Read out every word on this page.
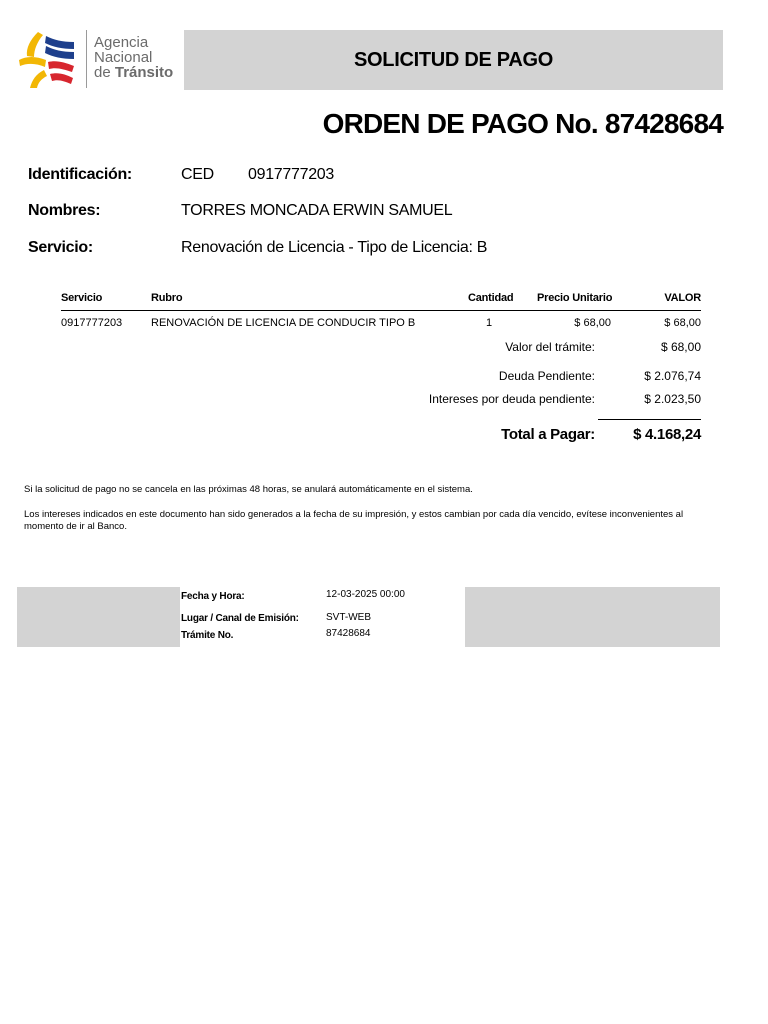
Agencia
Nacional
de Tránsito
SOLICITUD DE PAGO
ORDEN DE PAGO No. 87428684
Identificación:	CED 0917777203
Nombres:	TORRES MONCADA ERWIN SAMUEL
Servicio:	Renovación de Licencia - Tipo de Licencia: B
Servicio	Rubro	Cantidad Precio Unitario	VALOR
0917777203	RENOVACIÓN DE LICENCIA DE CONDUCIR TIPO B	1	$ 68,00	$ 68,00
Valor del trámite:	$ 68,00
Deuda Pendiente:	$ 2.076,74
Intereses por deuda pendiente:	$ 2.023,50
Total a Pagar:	$ 4.168,24
Si la solicitud de pago no se cancela en las próximas 48 horas, se anulará automáticamente en el sistema.
Los intereses indicados en este documento han sido generados a la fecha de su impresión, y estos cambian por cada día vencido, evítese inconvenientes al momento de ir al Banco.
Fecha y Hora:	12-03-2025 00:00
Lugar / Canal de Emisión:	SVT-WEB
Trámite No.	87428684
